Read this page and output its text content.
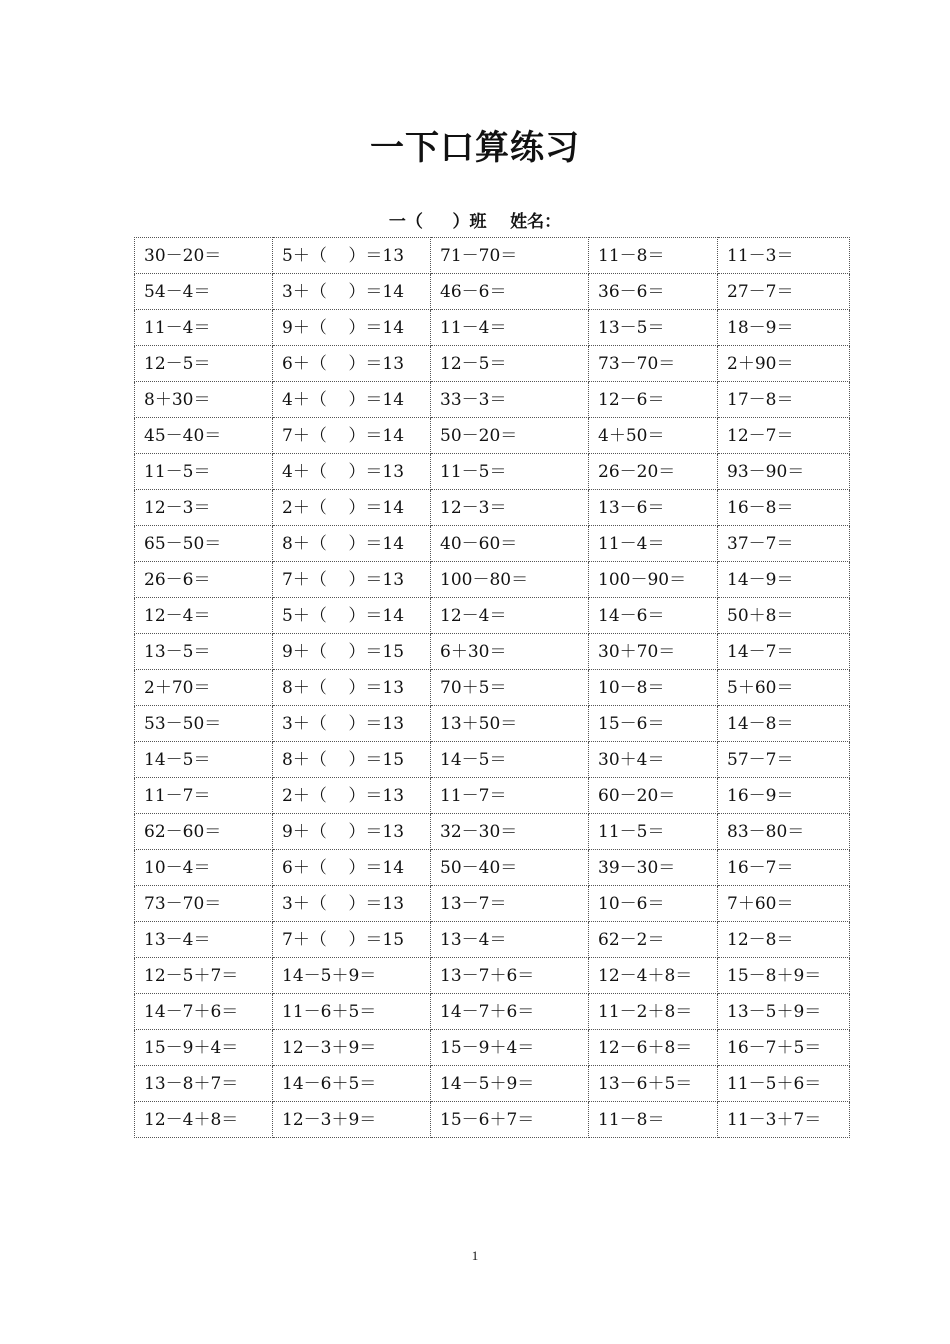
一下口算练习
一（     ）班    姓名：
30－20＝	5＋（    ）＝13	71－70＝	11－8＝	11－3＝
54－4＝	3＋（    ）＝14	46－6＝	36－6＝	27－7＝
11－4＝	9＋（    ）＝14	11－4＝	13－5＝	18－9＝
12－5＝	6＋（    ）＝13	12－5＝	73－70＝	2＋90＝
8＋30＝	4＋（    ）＝14	33－3＝	12－6＝	17－8＝
45－40＝	7＋（    ）＝14	50－20＝	4＋50＝	12－7＝
11－5＝	4＋（    ）＝13	11－5＝	26－20＝	93－90＝
12－3＝	2＋（    ）＝14	12－3＝	13－6＝	16－8＝
65－50＝	8＋（    ）＝14	40－60＝	11－4＝	37－7＝
26－6＝	7＋（    ）＝13	100－80＝	100－90＝	14－9＝
12－4＝	5＋（    ）＝14	12－4＝	14－6＝	50＋8＝
13－5＝	9＋（    ）＝15	6＋30＝	30＋70＝	14－7＝
2＋70＝	8＋（    ）＝13	70＋5＝	10－8＝	5＋60＝
53－50＝	3＋（    ）＝13	13＋50＝	15－6＝	14－8＝
14－5＝	8＋（    ）＝15	14－5＝	30＋4＝	57－7＝
11－7＝	2＋（    ）＝13	11－7＝	60－20＝	16－9＝
62－60＝	9＋（    ）＝13	32－30＝	11－5＝	83－80＝
10－4＝	6＋（    ）＝14	50－40＝	39－30＝	16－7＝
73－70＝	3＋（    ）＝13	13－7＝	10－6＝	7＋60＝
13－4＝	7＋（    ）＝15	13－4＝	62－2＝	12－8＝
12－5＋7＝	14－5＋9＝	13－7＋6＝	12－4＋8＝	15－8＋9＝
14－7＋6＝	11－6＋5＝	14－7＋6＝	11－2＋8＝	13－5＋9＝
15－9＋4＝	12－3＋9＝	15－9＋4＝	12－6＋8＝	16－7＋5＝
13－8＋7＝	14－6＋5＝	14－5＋9＝	13－6＋5＝	11－5＋6＝
12－4＋8＝	12－3＋9＝	15－6＋7＝	11－8＝	11－3＋7＝
1
